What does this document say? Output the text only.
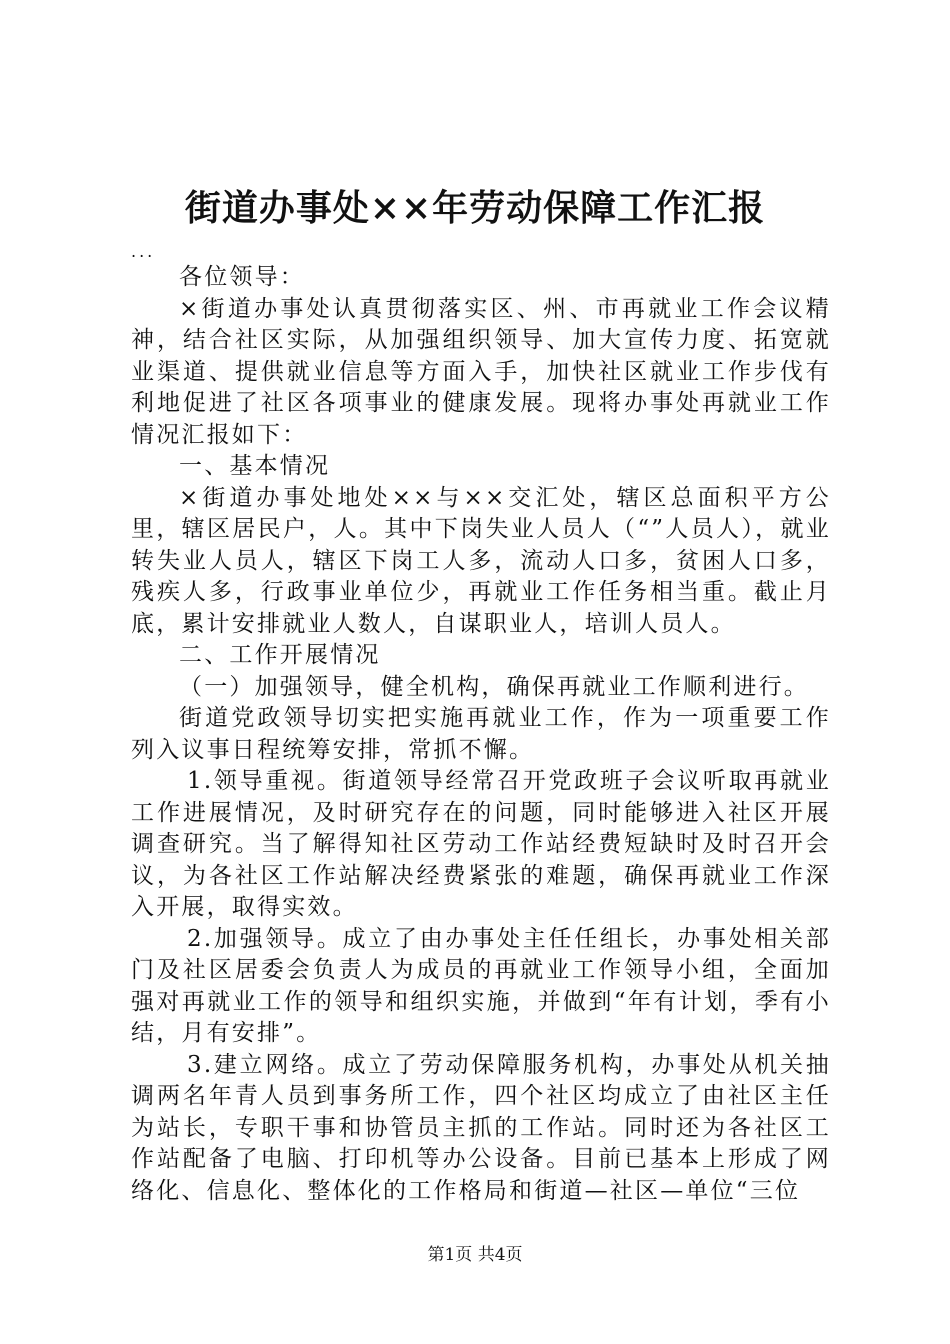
街道办事处××年劳动保障工作汇报

...

各位领导：

×街道办事处认真贯彻落实区、州、市再就业工作会议精神，结合社区实际，从加强组织领导、加大宣传力度、拓宽就业渠道、提供就业信息等方面入手，加快社区就业工作步伐有利地促进了社区各项事业的健康发展。现将办事处再就业工作情况汇报如下：

一、基本情况

×街道办事处地处××与××交汇处，辖区总面积平方公里，辖区居民户，人。其中下岗失业人员人（“”人员人），就业转失业人员人，辖区下岗工人多，流动人口多，贫困人口多，残疾人多，行政事业单位少，再就业工作任务相当重。截止月底，累计安排就业人数人，自谋职业人，培训人员人。

二、工作开展情况

（一）加强领导，健全机构，确保再就业工作顺利进行。

街道党政领导切实把实施再就业工作，作为一项重要工作列入议事日程统筹安排，常抓不懈。

1.领导重视。街道领导经常召开党政班子会议听取再就业工作进展情况，及时研究存在的问题，同时能够进入社区开展调查研究。当了解得知社区劳动工作站经费短缺时及时召开会议，为各社区工作站解决经费紧张的难题，确保再就业工作深入开展，取得实效。

2.加强领导。成立了由办事处主任任组长，办事处相关部门及社区居委会负责人为成员的再就业工作领导小组，全面加强对再就业工作的领导和组织实施，并做到“年有计划，季有小结，月有安排”。

3.建立网络。成立了劳动保障服务机构，办事处从机关抽调两名年青人员到事务所工作，四个社区均成立了由社区主任为站长，专职干事和协管员主抓的工作站。同时还为各社区工作站配备了电脑、打印机等办公设备。目前已基本上形成了网络化、信息化、整体化的工作格局和街道—社区—单位“三位

第1页 共4页
